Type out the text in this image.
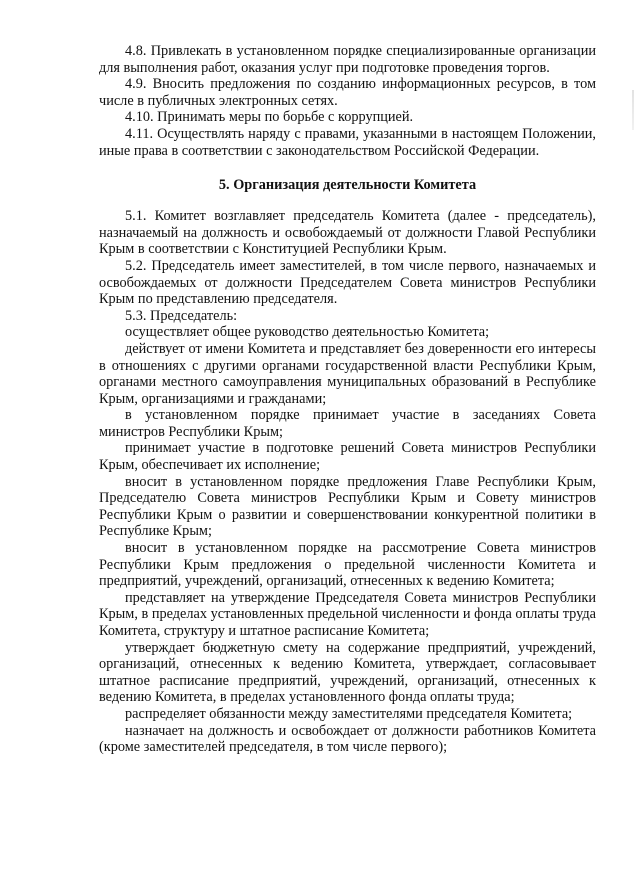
4.8. Привлекать в установленном порядке специализированные организации для выполнения работ, оказания услуг при подготовке проведения торгов.

4.9. Вносить предложения по созданию информационных ресурсов, в том числе в публичных электронных сетях.

4.10. Принимать меры по борьбе с коррупцией.

4.11. Осуществлять наряду с правами, указанными в настоящем Положении, иные права в соответствии с законодательством Российской Федерации.

5. Организация деятельности Комитета

5.1. Комитет возглавляет председатель Комитета (далее - председатель), назначаемый на должность и освобождаемый от должности Главой Республики Крым в соответствии с Конституцией Республики Крым.

5.2. Председатель имеет заместителей, в том числе первого, назначаемых и освобождаемых от должности Председателем Совета министров Республики Крым по представлению председателя.

5.3. Председатель:

осуществляет общее руководство деятельностью Комитета;

действует от имени Комитета и представляет без доверенности его интересы в отношениях с другими органами государственной власти Республики Крым, органами местного самоуправления муниципальных образований в Республике Крым, организациями и гражданами;

в установленном порядке принимает участие в заседаниях Совета министров Республики Крым;

принимает участие в подготовке решений Совета министров Республики Крым, обеспечивает их исполнение;

вносит в установленном порядке предложения Главе Республики Крым, Председателю Совета министров Республики Крым и Совету министров Республики Крым о развитии и совершенствовании конкурентной политики в Республике Крым;

вносит в установленном порядке на рассмотрение Совета министров Республики Крым предложения о предельной численности Комитета и предприятий, учреждений, организаций, отнесенных к ведению Комитета;

представляет на утверждение Председателя Совета министров Республики Крым, в пределах установленных предельной численности и фонда оплаты труда Комитета, структуру и штатное расписание Комитета;

утверждает бюджетную смету на содержание предприятий, учреждений, организаций, отнесенных к ведению Комитета, утверждает, согласовывает штатное расписание предприятий, учреждений, организаций, отнесенных к ведению Комитета, в пределах установленного фонда оплаты труда;

распределяет обязанности между заместителями председателя Комитета;

назначает на должность и освобождает от должности работников Комитета (кроме заместителей председателя, в том числе первого);
